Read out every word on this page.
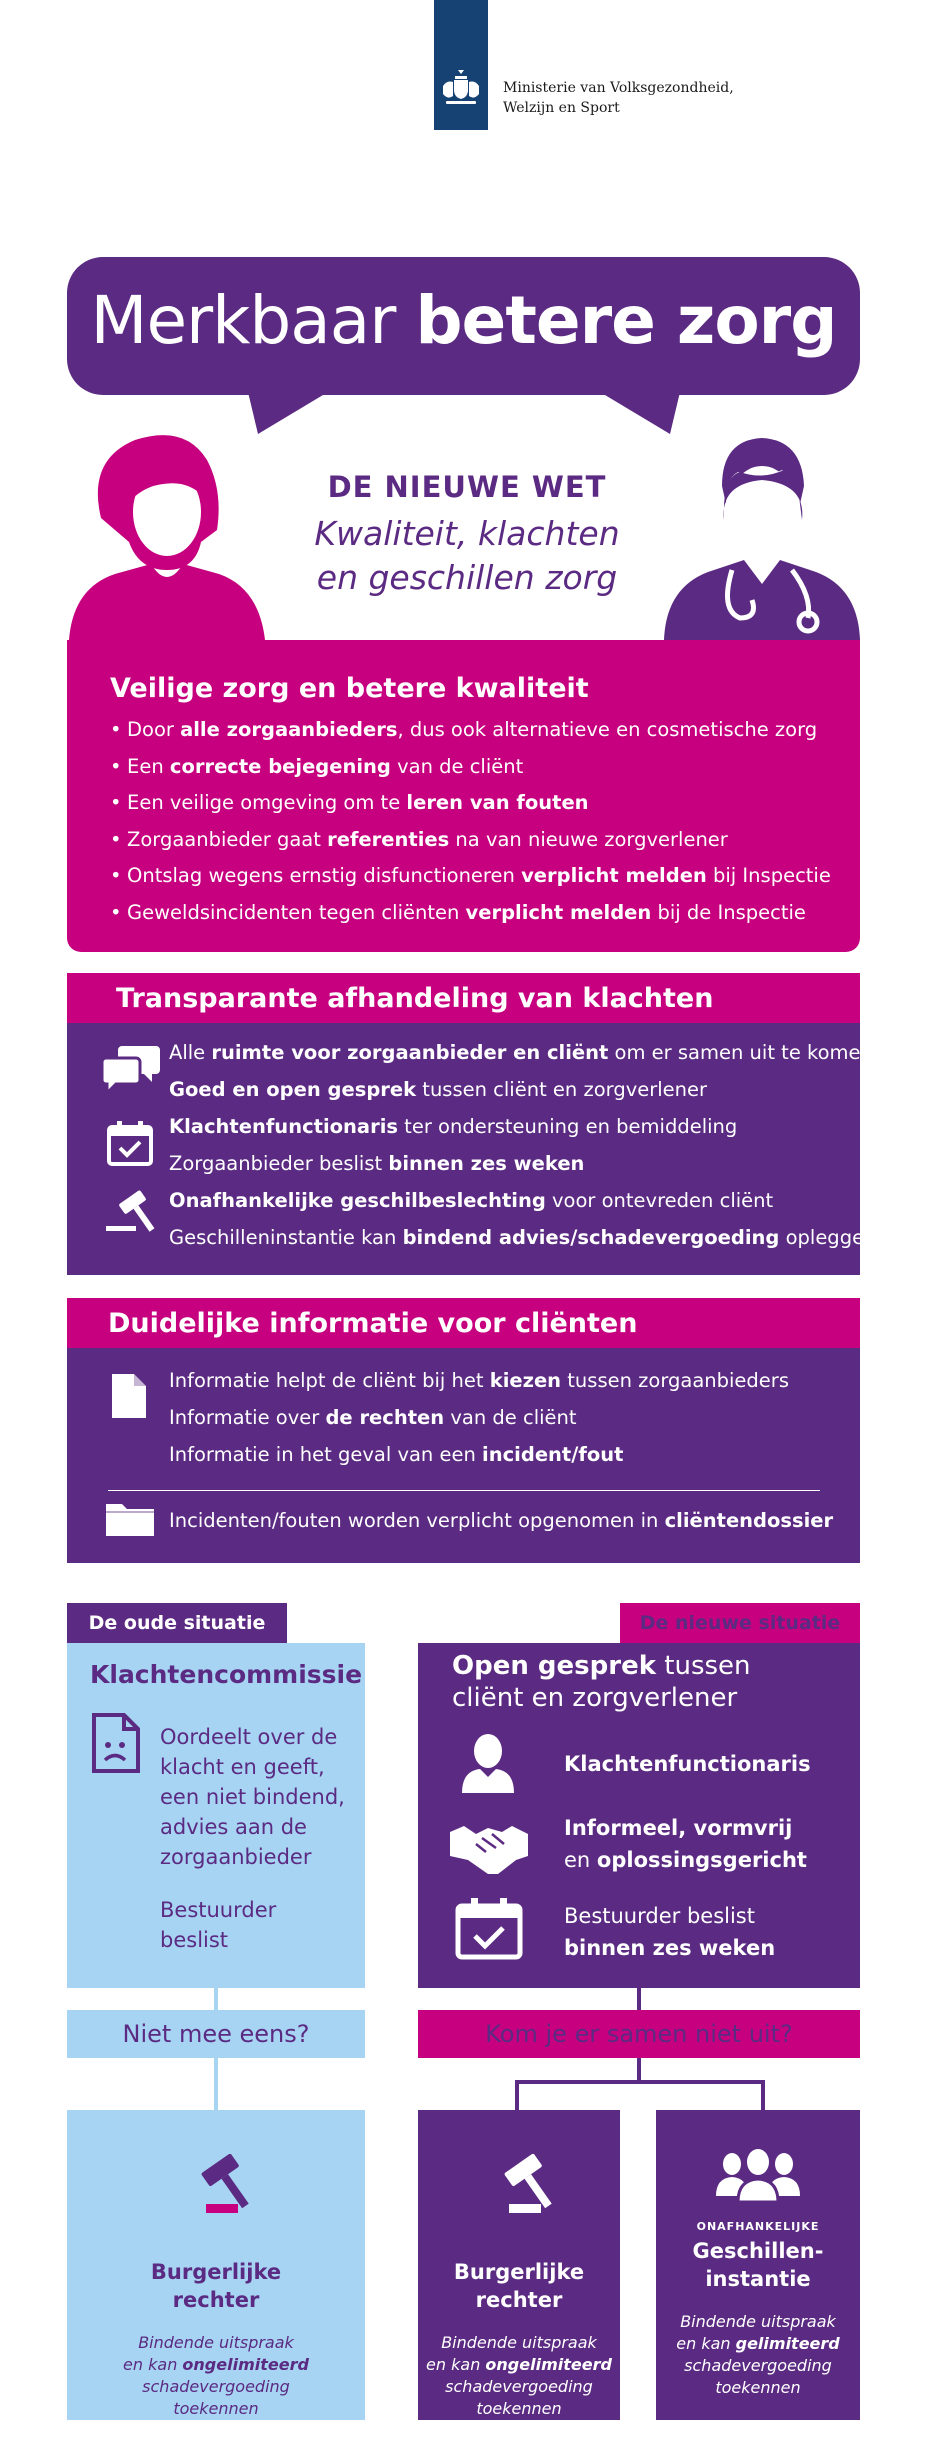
Ministerie van Volksgezondheid,
Welzijn en Sport
Merkbaar betere zorg
DE NIEUWE WET
Kwaliteit, klachten
en geschillen zorg
Veilige zorg en betere kwaliteit
• Door alle zorgaanbieders, dus ook alternatieve en cosmetische zorg
• Een correcte bejegening van de cliënt
• Een veilige omgeving om te leren van fouten
• Zorgaanbieder gaat referenties na van nieuwe zorgverlener
• Ontslag wegens ernstig disfunctioneren verplicht melden bij Inspectie
• Geweldsincidenten tegen cliënten verplicht melden bij de Inspectie
Transparante afhandeling van klachten
Alle ruimte voor zorgaanbieder en cliënt om er samen uit te komen
Goed en open gesprek tussen cliënt en zorgverlener
Klachtenfunctionaris ter ondersteuning en bemiddeling
Zorgaanbieder beslist binnen zes weken
Onafhankelijke geschilbeslechting voor ontevreden cliënt
Geschilleninstantie kan bindend advies/schadevergoeding opleggen
Duidelijke informatie voor cliënten
Informatie helpt de cliënt bij het kiezen tussen zorgaanbieders
Informatie over de rechten van de cliënt
Informatie in het geval van een incident/fout
Incidenten/fouten worden verplicht opgenomen in cliëntendossier
De oude situatie
Klachtencommissie
Oordeelt over de
klacht en geeft,
een niet bindend,
advies aan de
zorgaanbieder
Bestuurder
beslist
Niet mee eens?
De nieuwe situatie
Open gesprek tussen
cliënt en zorgverlener
Klachtenfunctionaris
Informeel, vormvrij
en oplossingsgericht
Bestuurder beslist
binnen zes weken
Kom je er samen niet uit?
Burgerlijke
rechter
Bindende uitspraak
en kan ongelimiteerd
schadevergoeding
toekennen
Burgerlijke
rechter
Bindende uitspraak
en kan ongelimiteerd
schadevergoeding
toekennen
ONAFHANKELIJKE
Geschillen-
instantie
Bindende uitspraak
en kan gelimiteerd
schadevergoeding
toekennen
